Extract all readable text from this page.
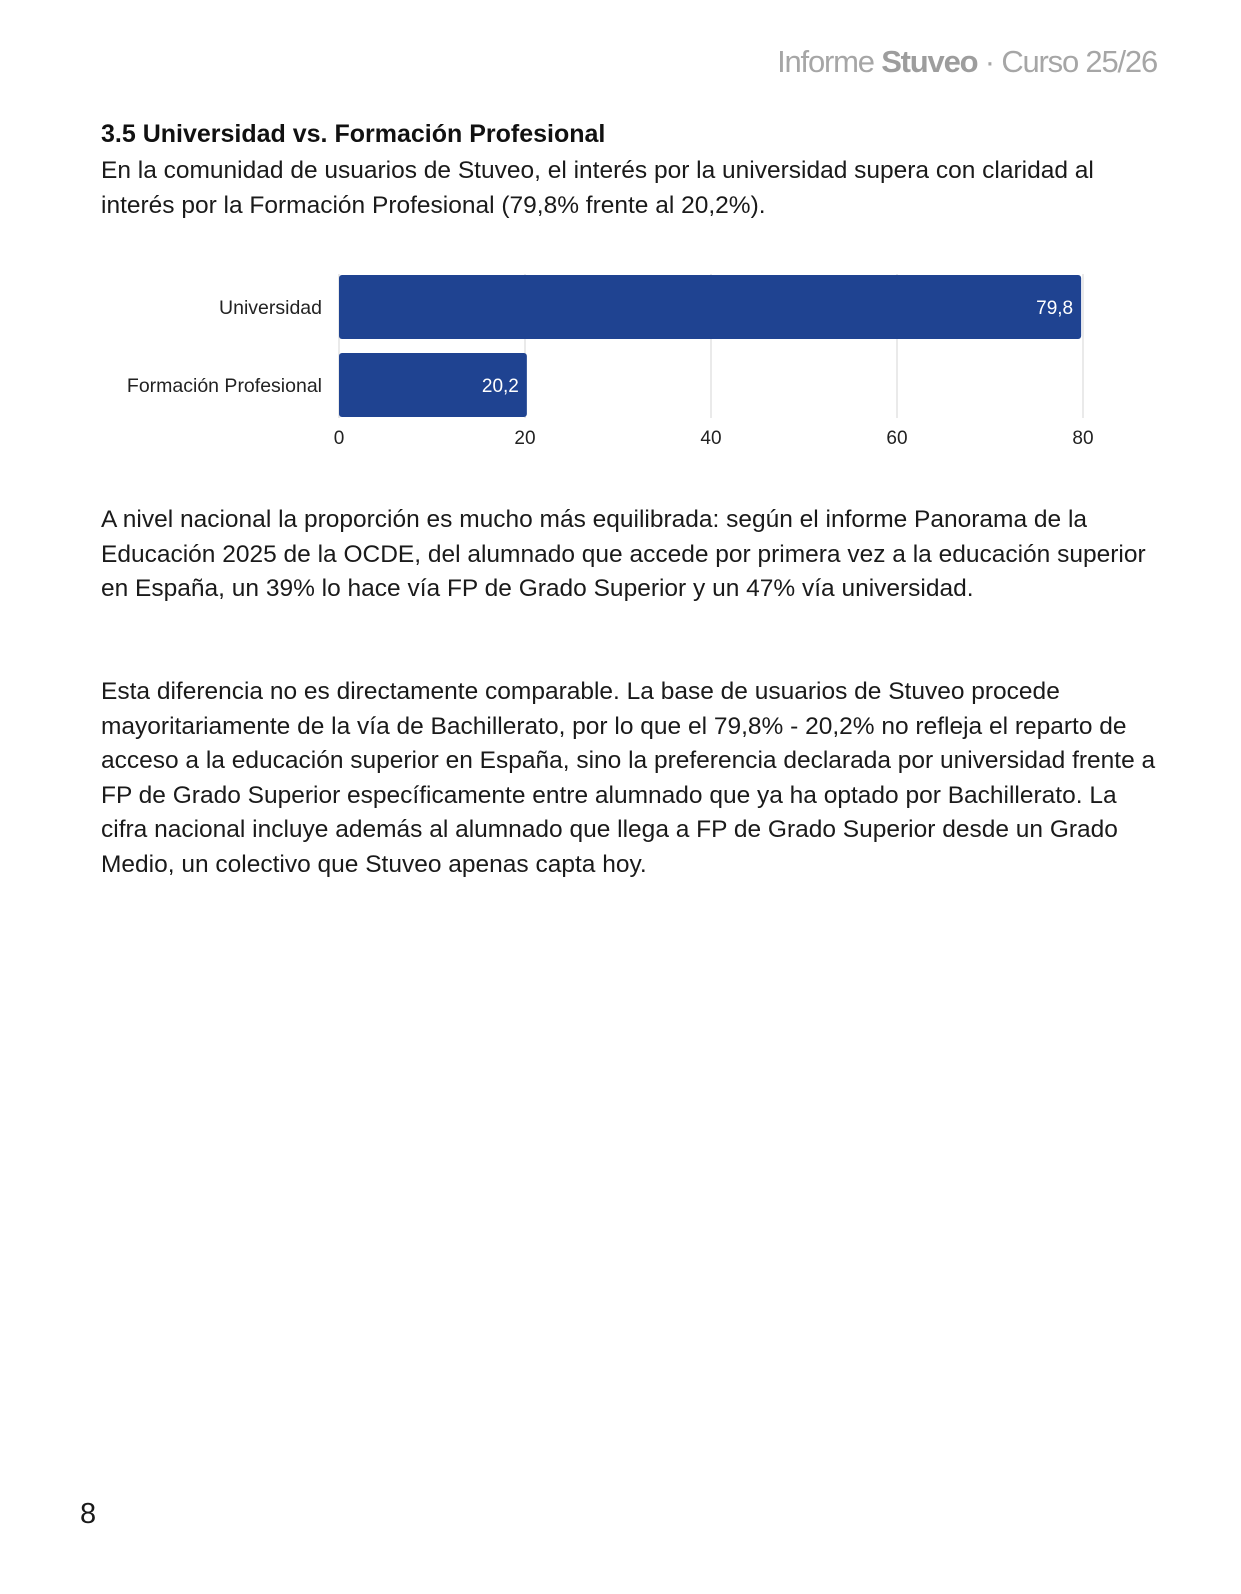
Informe Stuveo · Curso 25/26
3.5 Universidad vs. Formación Profesional

En la comunidad de usuarios de Stuveo, el interés por la universidad supera con claridad al interés por la Formación Profesional (79,8% frente al 20,2%).

79,8
Universidad
20,2
Formación Profesional
0	20	40	60	80

A nivel nacional la proporción es mucho más equilibrada: según el informe Panorama de la Educación 2025 de la OCDE, del alumnado que accede por primera vez a la educación superior en España, un 39% lo hace vía FP de Grado Superior y un 47% vía universidad.

Esta diferencia no es directamente comparable. La base de usuarios de Stuveo procede mayoritariamente de la vía de Bachillerato, por lo que el 79,8% - 20,2% no refleja el reparto de acceso a la educación superior en España, sino la preferencia declarada por universidad frente a FP de Grado Superior específicamente entre alumnado que ya ha optado por Bachillerato. La cifra nacional incluye además al alumnado que llega a FP de Grado Superior desde un Grado Medio, un colectivo que Stuveo apenas capta hoy.

8
